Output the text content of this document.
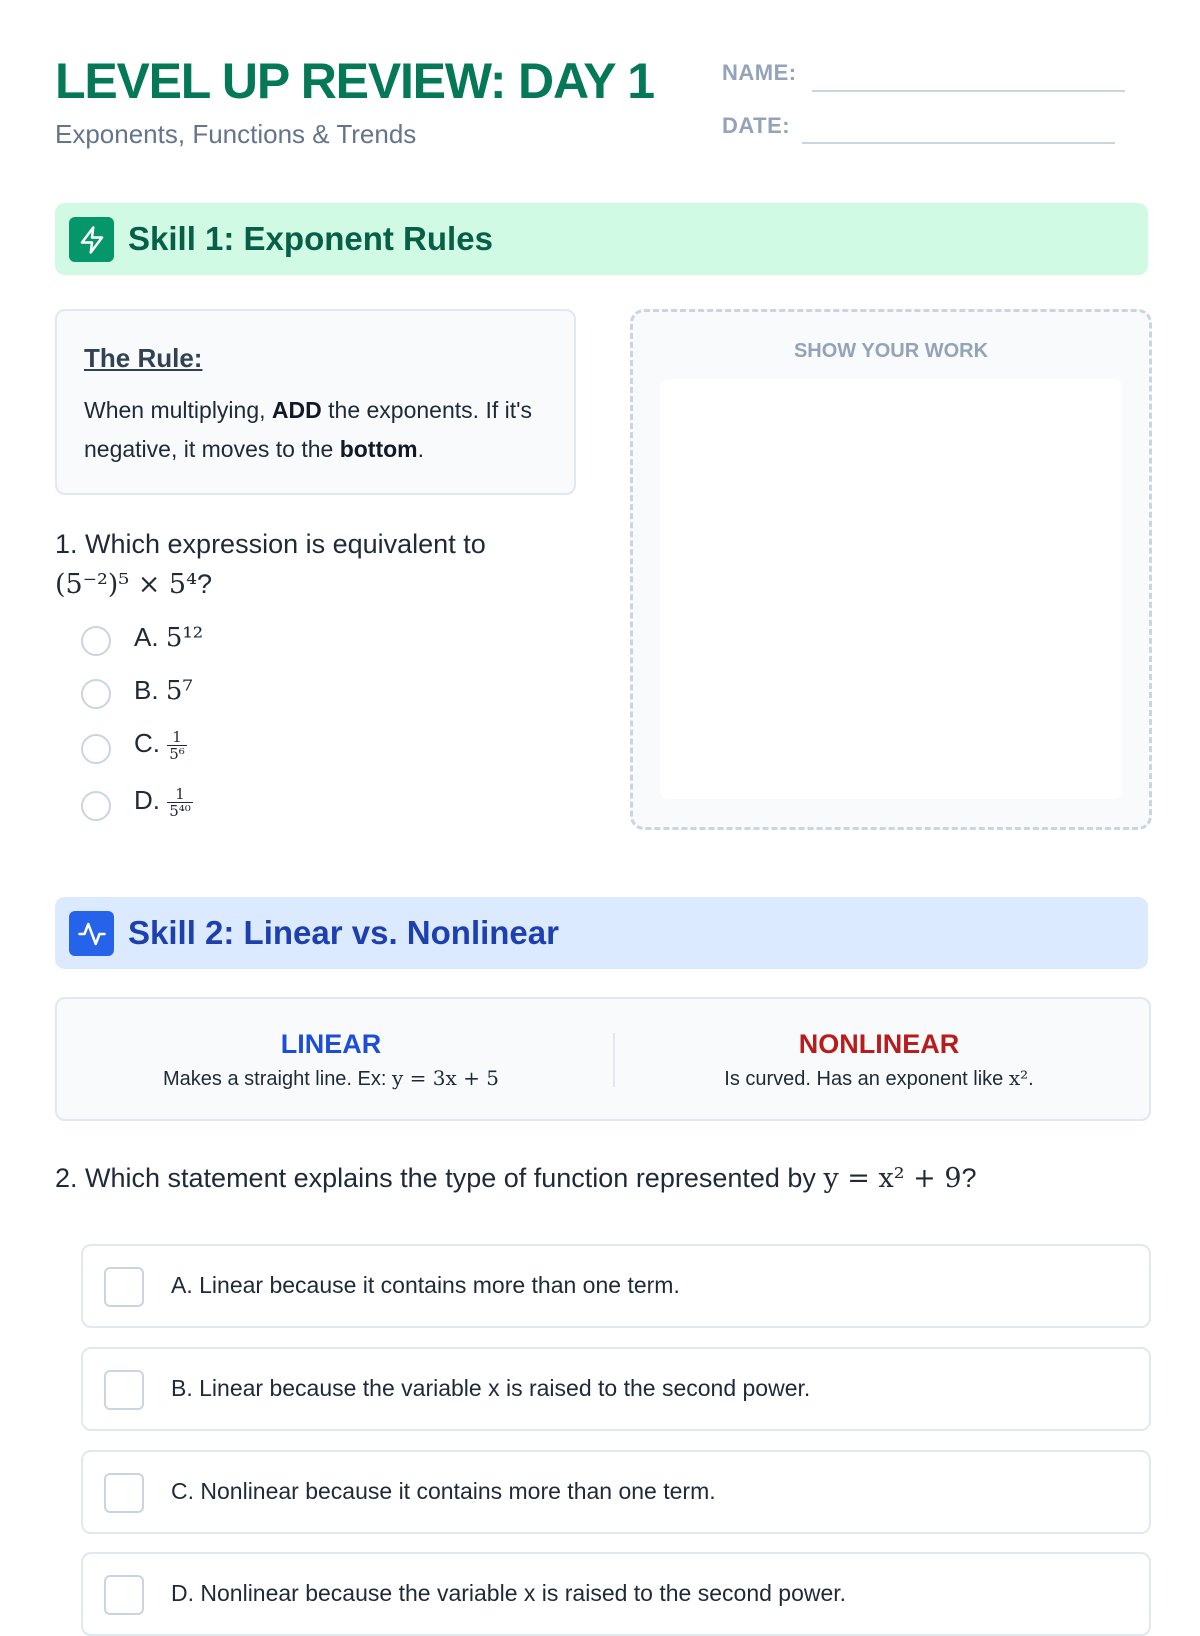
LEVEL UP REVIEW: DAY 1
Exponents, Functions & Trends
NAME:
DATE:
Skill 1: Exponent Rules
The Rule:
When multiplying, ADD the exponents. If it's negative, it moves to the bottom.
SHOW YOUR WORK
1. Which expression is equivalent to
(5⁻²)⁵ × 5⁴?
A. 5¹²
B. 5⁷
C. $\frac{1}{\text{5⁶}}$
D. $\frac{1}{\text{5⁴⁰}}$
Skill 2: Linear vs. Nonlinear
LINEAR
Makes a straight line. Ex: y = 3x + 5
NONLINEAR
Is curved. Has an exponent like x².
2. Which statement explains the type of function represented by y = x² + 9?
A. Linear because it contains more than one term.
B. Linear because the variable x is raised to the second power.
C. Nonlinear because it contains more than one term.
D. Nonlinear because the variable x is raised to the second power.
